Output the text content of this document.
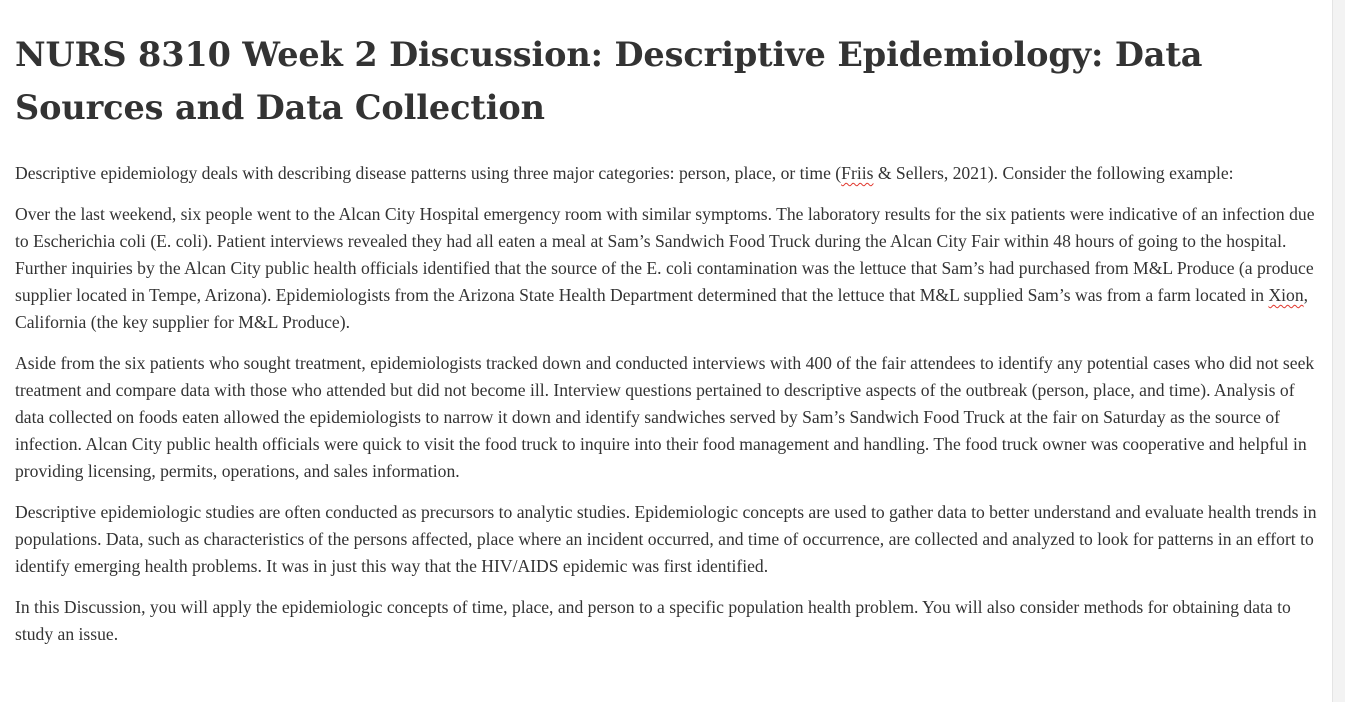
NURS 8310 Week 2 Discussion: Descriptive Epidemiology: Data Sources and Data Collection

Descriptive epidemiology deals with describing disease patterns using three major categories: person, place, or time (Friis & Sellers, 2021). Consider the following example:

Over the last weekend, six people went to the Alcan City Hospital emergency room with similar symptoms. The laboratory results for the six patients were indicative of an infection due to Escherichia coli (E. coli). Patient interviews revealed they had all eaten a meal at Sam’s Sandwich Food Truck during the Alcan City Fair within 48 hours of going to the hospital. Further inquiries by the Alcan City public health officials identified that the source of the E. coli contamination was the lettuce that Sam’s had purchased from M&L Produce (a produce supplier located in Tempe, Arizona). Epidemiologists from the Arizona State Health Department determined that the lettuce that M&L supplied Sam’s was from a farm located in Xion, California (the key supplier for M&L Produce).

Aside from the six patients who sought treatment, epidemiologists tracked down and conducted interviews with 400 of the fair attendees to identify any potential cases who did not seek treatment and compare data with those who attended but did not become ill. Interview questions pertained to descriptive aspects of the outbreak (person, place, and time). Analysis of data collected on foods eaten allowed the epidemiologists to narrow it down and identify sandwiches served by Sam’s Sandwich Food Truck at the fair on Saturday as the source of infection. Alcan City public health officials were quick to visit the food truck to inquire into their food management and handling. The food truck owner was cooperative and helpful in providing licensing, permits, operations, and sales information.

Descriptive epidemiologic studies are often conducted as precursors to analytic studies. Epidemiologic concepts are used to gather data to better understand and evaluate health trends in populations. Data, such as characteristics of the persons affected, place where an incident occurred, and time of occurrence, are collected and analyzed to look for patterns in an effort to identify emerging health problems. It was in just this way that the HIV/AIDS epidemic was first identified.

In this Discussion, you will apply the epidemiologic concepts of time, place, and person to a specific population health problem. You will also consider methods for obtaining data to study an issue.
